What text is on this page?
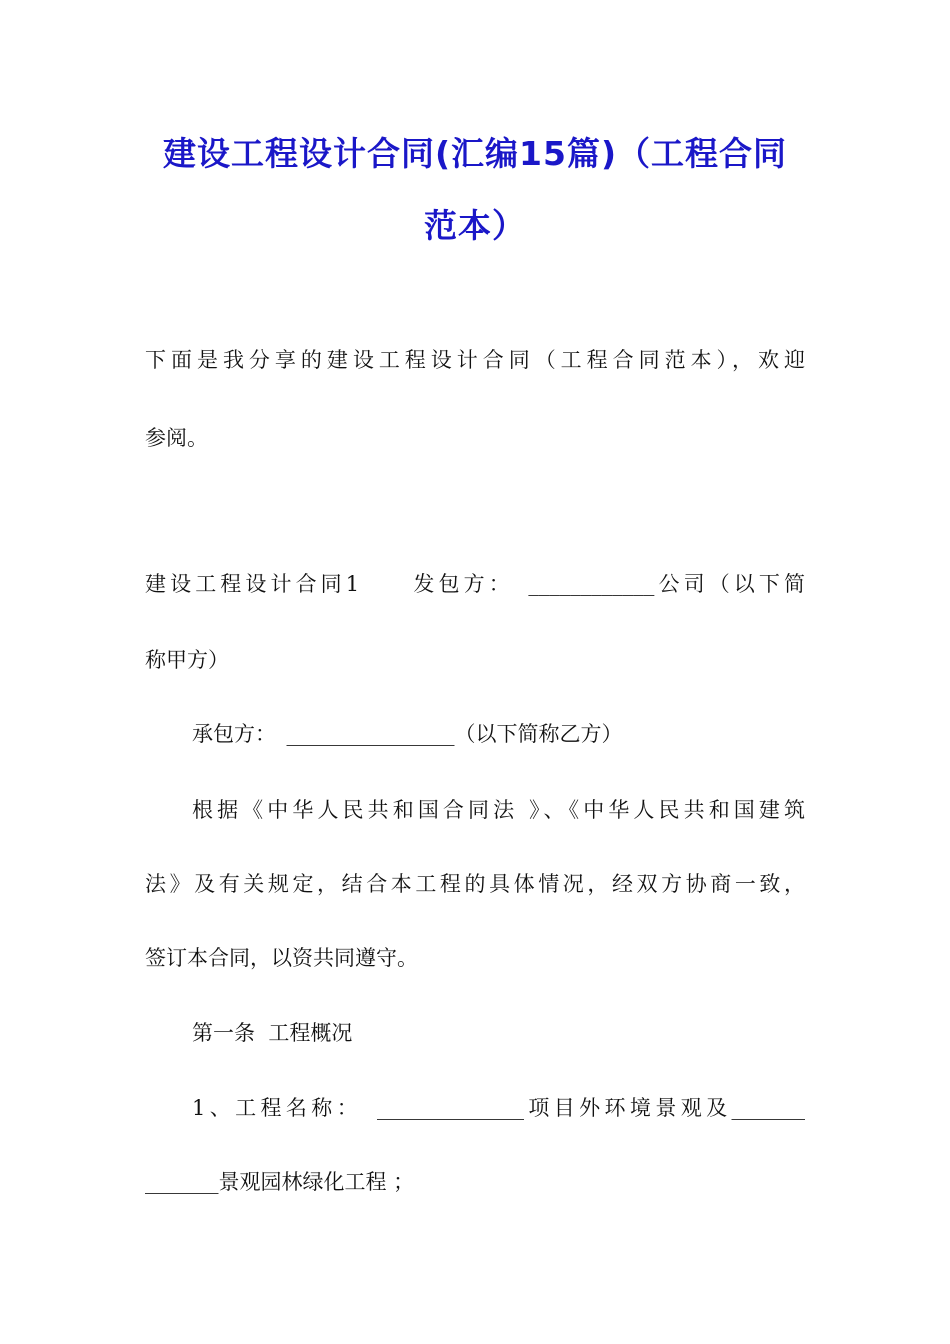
建设工程设计合同(汇编15篇)（工程合同
范本）
下面是我分享的建设工程设计合同（工程合同范本），欢迎
参阅。
建设工程设计合同1　　发包方：　____________公司（以下简
称甲方）
承包方：　________________（以下简称乙方）
根据《中华人民共和国合同法 》、《中华人民共和国建筑
法》及有关规定，结合本工程的具体情况，经双方协商一致，
签订本合同，以资共同遵守。
第一条  工程概况
1、工程名称：　______________项目外环境景观及_______
_______景观园林绿化工程 ；
